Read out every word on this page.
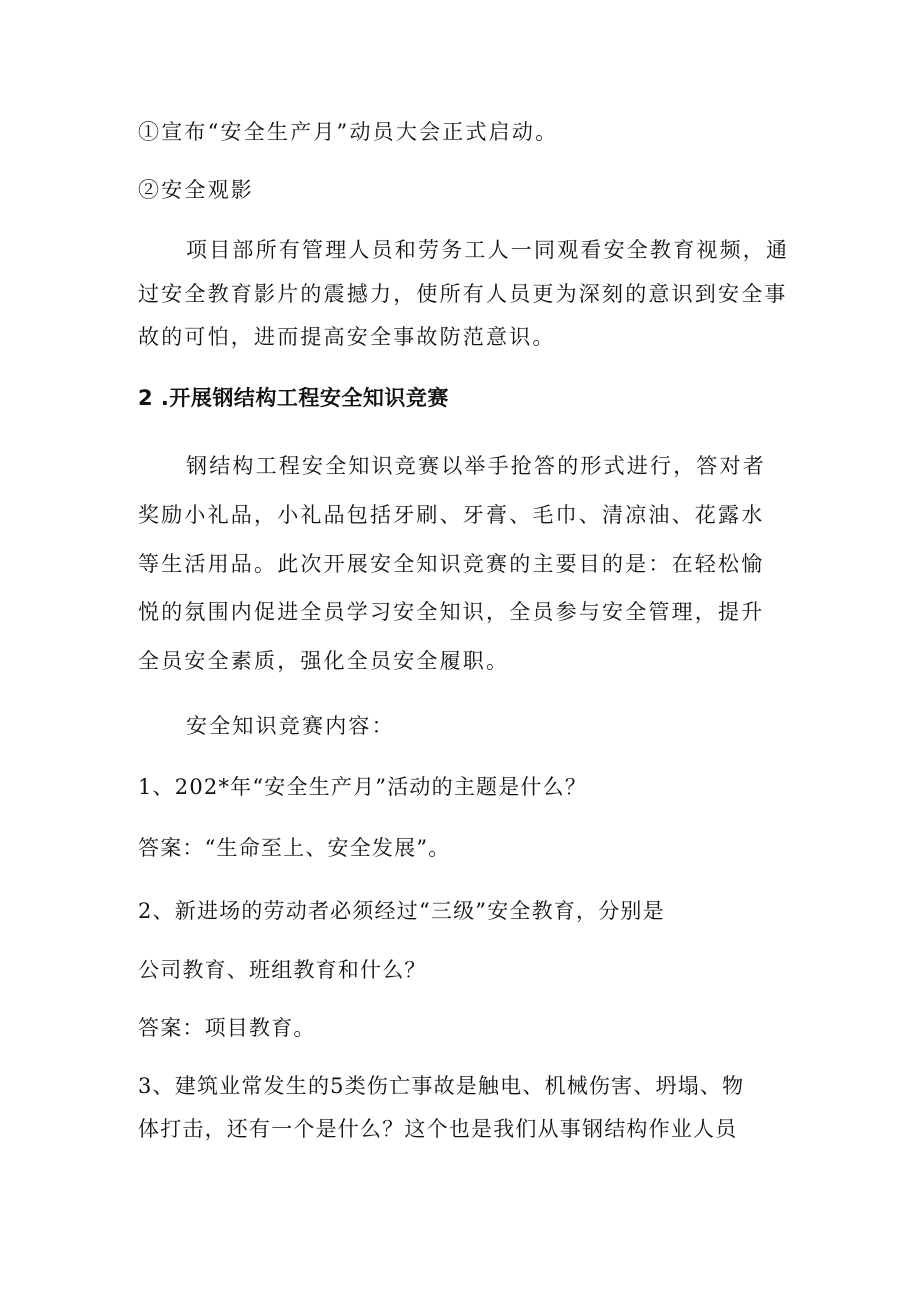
①宣布“安全生产月”动员大会正式启动。
②安全观影
项目部所有管理人员和劳务工人一同观看安全教育视频，通
过安全教育影片的震撼力，使所有人员更为深刻的意识到安全事
故的可怕，进而提高安全事故防范意识。
2 .开展钢结构工程安全知识竞赛
钢结构工程安全知识竞赛以举手抢答的形式进行，答对者
奖励小礼品，小礼品包括牙刷、牙膏、毛巾、清凉油、花露水
等生活用品。此次开展安全知识竞赛的主要目的是：在轻松愉
悦的氛围内促进全员学习安全知识，全员参与安全管理，提升
全员安全素质，强化全员安全履职。
安全知识竞赛内容：
1、202*年“安全生产月”活动的主题是什么？
答案：“生命至上、安全发展”。
2、新进场的劳动者必须经过“三级”安全教育，分别是
公司教育、班组教育和什么？
答案：项目教育。
3、建筑业常发生的5类伤亡事故是触电、机械伤害、坍塌、物
体打击，还有一个是什么？这个也是我们从事钢结构作业人员
